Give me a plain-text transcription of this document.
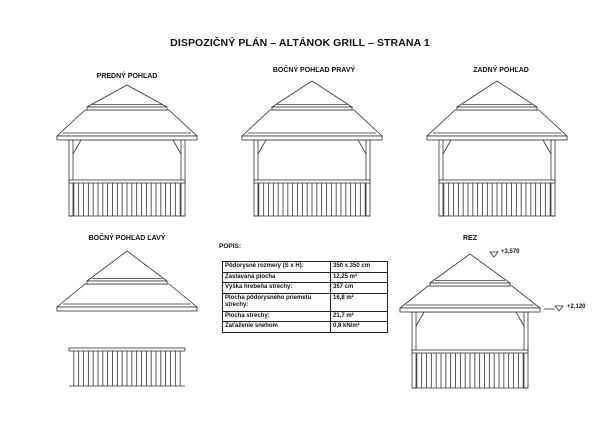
DISPOZIČNÝ PLÁN – ALTÁNOK GRILL – STRANA 1
PREDNÝ POHĽAD
BOČNÝ POHĽAD PRAVÝ	ZADNÝ POHĽAD
BOČNÝ POHĽAD ĽAVÝ	REZ
POPIS:
Pôdorysné rozmery (S x H):	350 x 350 cm
Zastavaná plocha	12,25 m²
Výška hrebeňa strechy:	357 cm
Plocha pôdorysného priemetu strechy:	16,8 m²
Plocha strechy:	21,7 m²
Zaťaženie snehom	0,8 kN/m²
+3,570
+2,120
